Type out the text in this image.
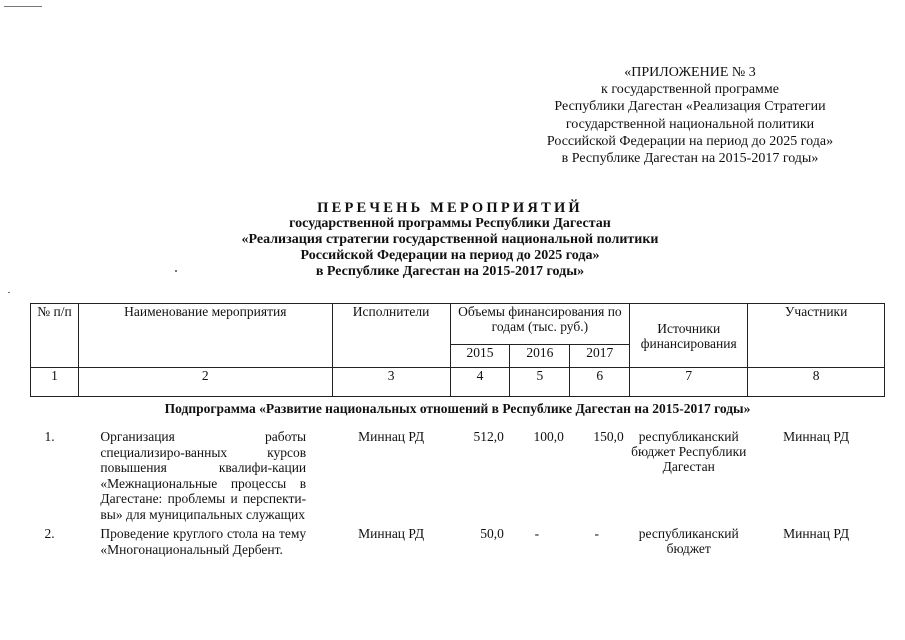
«ПРИЛОЖЕНИЕ № 3
к государственной программе
Республики Дагестан «Реализация Стратегии
государственной национальной политики
Российской Федерации на период до 2025 года»
в Республике Дагестан на 2015-2017 годы»
ПЕРЕЧЕНЬ МЕРОПРИЯТИЙ
государственной программы Республики Дагестан
«Реализация стратегии государственной национальной политики
Российской Федерации на период до 2025 года»
в Республике Дагестан на 2015-2017 годы»
№ п/п	Наименование мероприятия	Исполнители	Объемы финансирования по годам (тыс. руб.)			Источники финансирования	Участники
			2015	2016	2017		
1	2	3	4	5	6	7	8
Подпрограмма «Развитие национальных отношений в Республике Дагестан на 2015-2017 годы»							
1.	Организация работы специализиро-ванных курсов повышения квалифи-кации «Межнациональные процессы в Дагестане: проблемы и перспекти-вы» для муниципальных служащих	Миннац РД	512,0	100,0	150,0	республиканский бюджет Республики Дагестан	Миннац РД
2.	Проведение круглого стола на тему «Многонациональный Дербент.	Миннац РД	50,0	-	-	республиканский бюджет	Миннац РД
